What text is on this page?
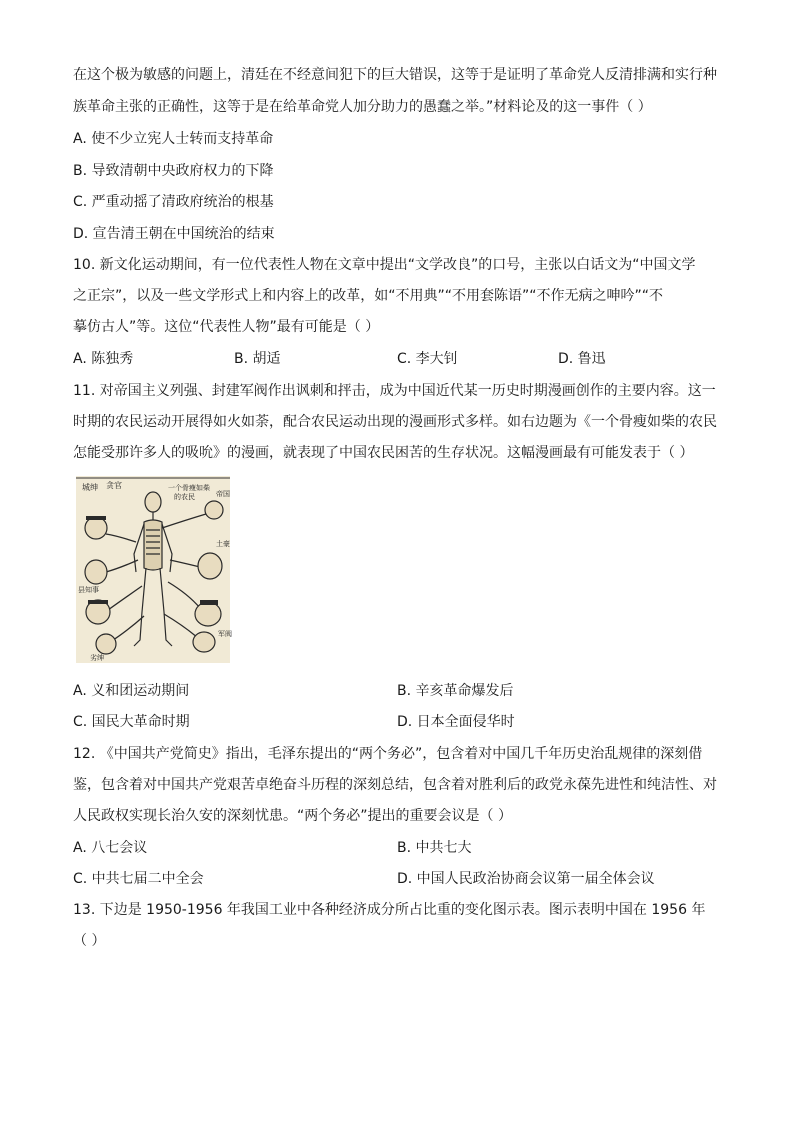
在这个极为敏感的问题上，清廷在不经意间犯下的巨大错误，这等于是证明了革命党人反清排满和实行种
族革命主张的正确性，这等于是在给革命党人加分助力的愚蠢之举。”材料论及的这一事件（ ）
A. 使不少立宪人士转而支持革命
B. 导致清朝中央政府权力的下降
C. 严重动摇了清政府统治的根基
D. 宣告清王朝在中国统治的结束
10. 新文化运动期间，有一位代表性人物在文章中提出“文学改良”的口号，主张以白话文为“中国文学
之正宗”，以及一些文学形式上和内容上的改革，如“不用典”“不用套陈语”“不作无病之呻吟”“不
摹仿古人”等。这位“代表性人物”最有可能是（ ）
A. 陈独秀	B. 胡适	C. 李大钊	D. 鲁迅
11. 对帝国主义列强、封建军阀作出讽刺和抨击，成为中国近代某一历史时期漫画创作的主要内容。这一
时期的农民运动开展得如火如荼，配合农民运动出现的漫画形式多样。如右边题为《一个骨瘦如柴的农民
怎能受那许多人的吸吮》的漫画，就表现了中国农民困苦的生存状况。这幅漫画最有可能发表于（ ）
城绅 贪官	一个骨瘦如柴
的农民	帝国
土豪
县知事
军阀
劣绅
A. 义和团运动期间	B. 辛亥革命爆发后
C. 国民大革命时期	D. 日本全面侵华时
12. 《中国共产党简史》指出，毛泽东提出的“两个务必”，包含着对中国几千年历史治乱规律的深刻借
鉴，包含着对中国共产党艰苦卓绝奋斗历程的深刻总结，包含着对胜利后的政党永葆先进性和纯洁性、对
人民政权实现长治久安的深刻忧患。“两个务必”提出的重要会议是（ ）
A. 八七会议	B. 中共七大
C. 中共七届二中全会	D. 中国人民政治协商会议第一届全体会议
13. 下边是 1950-1956 年我国工业中各种经济成分所占比重的变化图示表。图示表明中国在 1956 年
（ ）
